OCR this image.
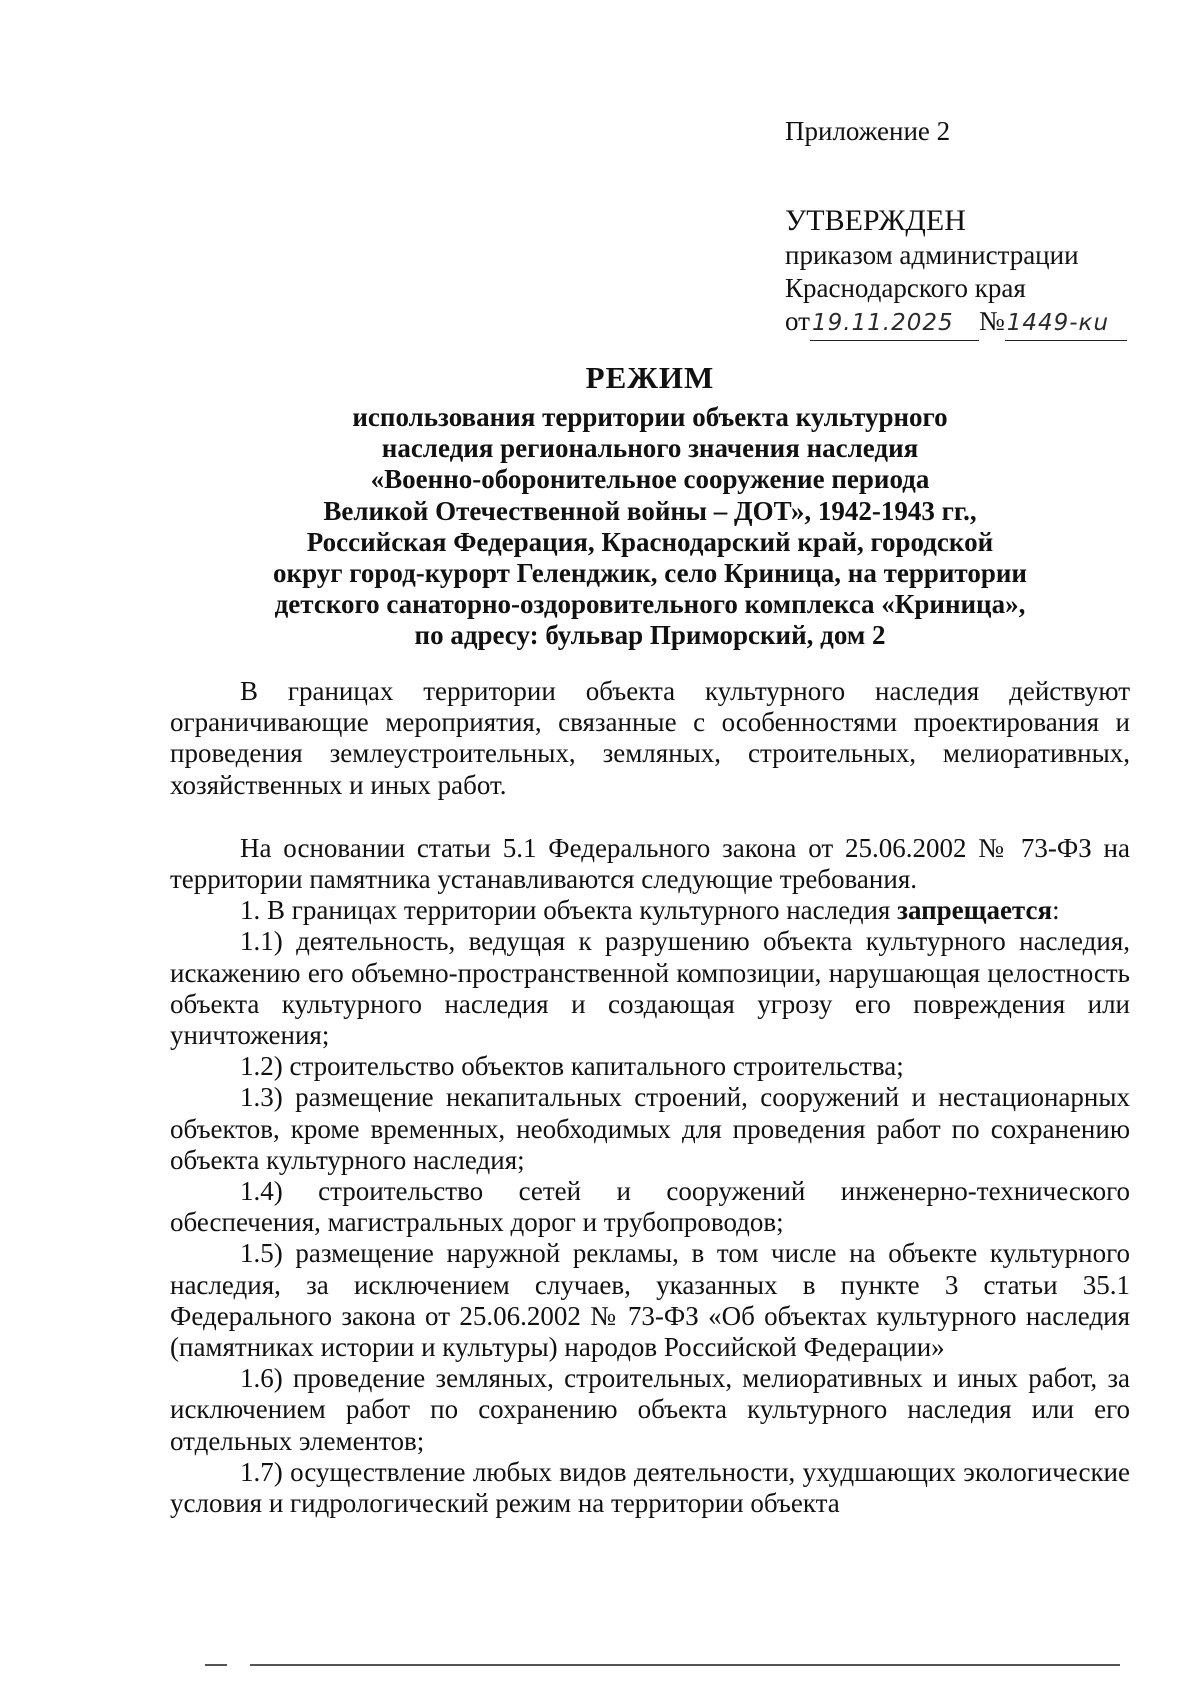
Приложение 2
УТВЕРЖДЕН
приказом администрации
Краснодарского края
от 19.11.2025 № 1449-кu
РЕЖИМ
использования территории объекта культурного
наследия регионального значения наследия
«Военно-оборонительное сооружение периода
Великой Отечественной войны – ДОТ», 1942-1943 гг.,
Российская Федерация, Краснодарский край, городской
округ город-курорт Геленджик, село Криница, на территории
детского санаторно-оздоровительного комплекса «Криница»,
по адресу: бульвар Приморский, дом 2

В границах территории объекта культурного наследия действуют ограничивающие мероприятия, связанные с особенностями проектирования и проведения землеустроительных, земляных, строительных, мелиоративных, хозяйственных и иных работ.

На основании статьи 5.1 Федерального закона от 25.06.2002 № 73-ФЗ на территории памятника устанавливаются следующие требования.

1. В границах территории объекта культурного наследия запрещается:

1.1) деятельность, ведущая к разрушению объекта культурного наследия, искажению его объемно-пространственной композиции, нарушающая целостность объекта культурного наследия и создающая угрозу его повреждения или уничтожения;

1.2) строительство объектов капитального строительства;

1.3) размещение некапитальных строений, сооружений и нестационарных объектов, кроме временных, необходимых для проведения работ по сохранению объекта культурного наследия;

1.4) строительство сетей и сооружений инженерно-технического обеспечения, магистральных дорог и трубопроводов;

1.5) размещение наружной рекламы, в том числе на объекте культурного наследия, за исключением случаев, указанных в пункте 3 статьи 35.1 Федерального закона от 25.06.2002 № 73-ФЗ «Об объектах культурного наследия (памятниках истории и культуры) народов Российской Федерации»

1.6) проведение земляных, строительных, мелиоративных и иных работ, за исключением работ по сохранению объекта культурного наследия или его отдельных элементов;

1.7) осуществление любых видов деятельности, ухудшающих экологические условия и гидрологический режим на территории объекта
